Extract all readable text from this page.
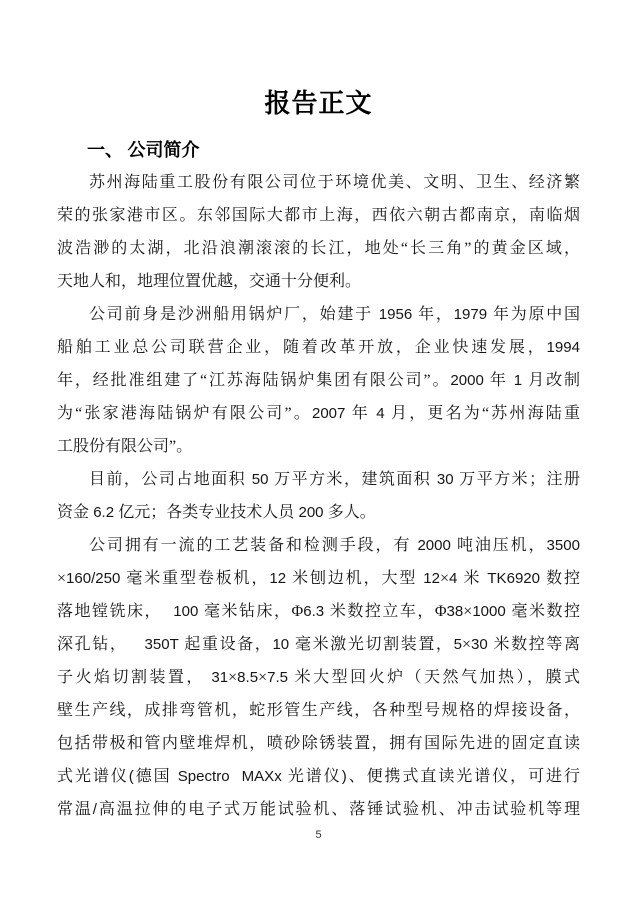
报告正文
一、 公司简介
苏州海陆重工股份有限公司位于环境优美、文明、卫生、经济繁
荣的张家港市区。东邻国际大都市上海，西依六朝古都南京，南临烟
波浩渺的太湖，北沿浪潮滚滚的长江，地处“长三角”的黄金区域，
天地人和，地理位置优越，交通十分便利。
公司前身是沙洲船用锅炉厂，始建于 1956 年，1979 年为原中国
船舶工业总公司联营企业，随着改革开放，企业快速发展，1994
年，经批准组建了“江苏海陆锅炉集团有限公司”。2000 年 1 月改制
为“张家港海陆锅炉有限公司”。2007 年 4 月，更名为“苏州海陆重
工股份有限公司”。
目前，公司占地面积 50 万平方米，建筑面积 30 万平方米；注册
资金 6.2 亿元；各类专业技术人员 200 多人。
公司拥有一流的工艺装备和检测手段，有 2000 吨油压机，3500
×160/250 毫米重型卷板机，12 米刨边机，大型 12×4 米 TK6920 数控
落地镗铣床，  100 毫米钻床，Φ6.3 米数控立车，Φ38×1000 毫米数控
深孔钻，   350T 起重设备，10 毫米激光切割装置，5×30 米数控等离
子火焰切割装置， 31×8.5×7.5 米大型回火炉（天然气加热），膜式
壁生产线，成排弯管机，蛇形管生产线，各种型号规格的焊接设备，
包括带极和管内壁堆焊机，喷砂除锈装置，拥有国际先进的固定直读
式光谱仪(德国 Spectro  MAXx 光谱仪)、便携式直读光谱仪，可进行
常温/高温拉伸的电子式万能试验机、落锤试验机、冲击试验机等理
5
